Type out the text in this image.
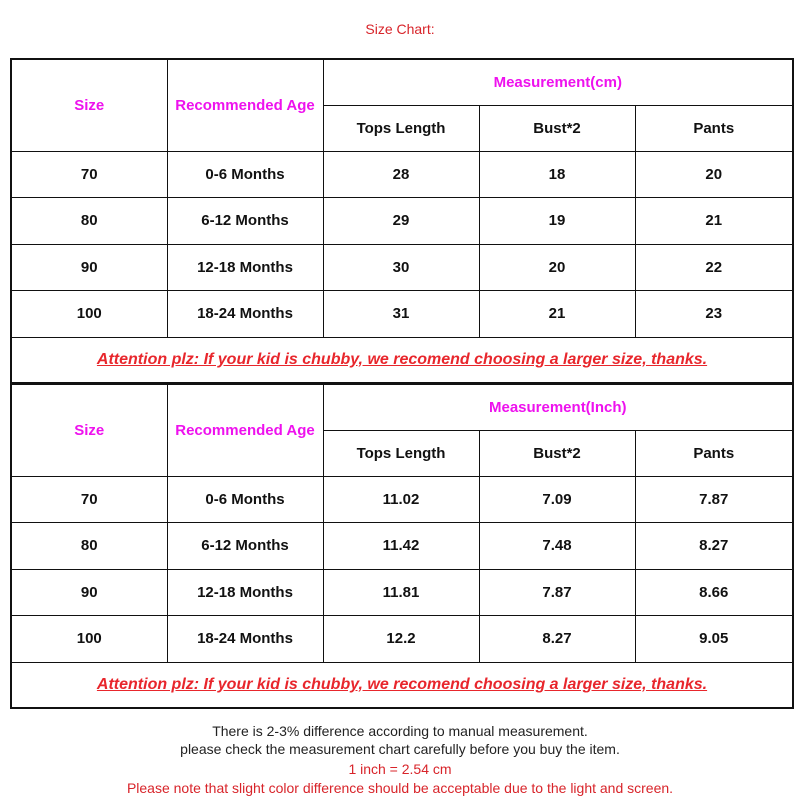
Size Chart:
Size	Recommended Age	Measurement(cm)		
		Tops Length	Bust*2	Pants
70	0-6 Months	28	18	20
80	6-12 Months	29	19	21
90	12-18 Months	30	20	22
100	18-24 Months	31	21	23
Attention plz: If your kid is chubby, we recomend choosing a larger size, thanks.				
Size	Recommended Age	Measurement(Inch)		
		Tops Length	Bust*2	Pants
70	0-6 Months	11.02	7.09	7.87
80	6-12 Months	11.42	7.48	8.27
90	12-18 Months	11.81	7.87	8.66
100	18-24 Months	12.2	8.27	9.05
Attention plz: If your kid is chubby, we recomend choosing a larger size, thanks.				
There is 2-3% difference according to manual measurement.
please check the measurement chart carefully before you buy the item.
1 inch = 2.54 cm
Please note that slight color difference should be acceptable due to the light and screen.
